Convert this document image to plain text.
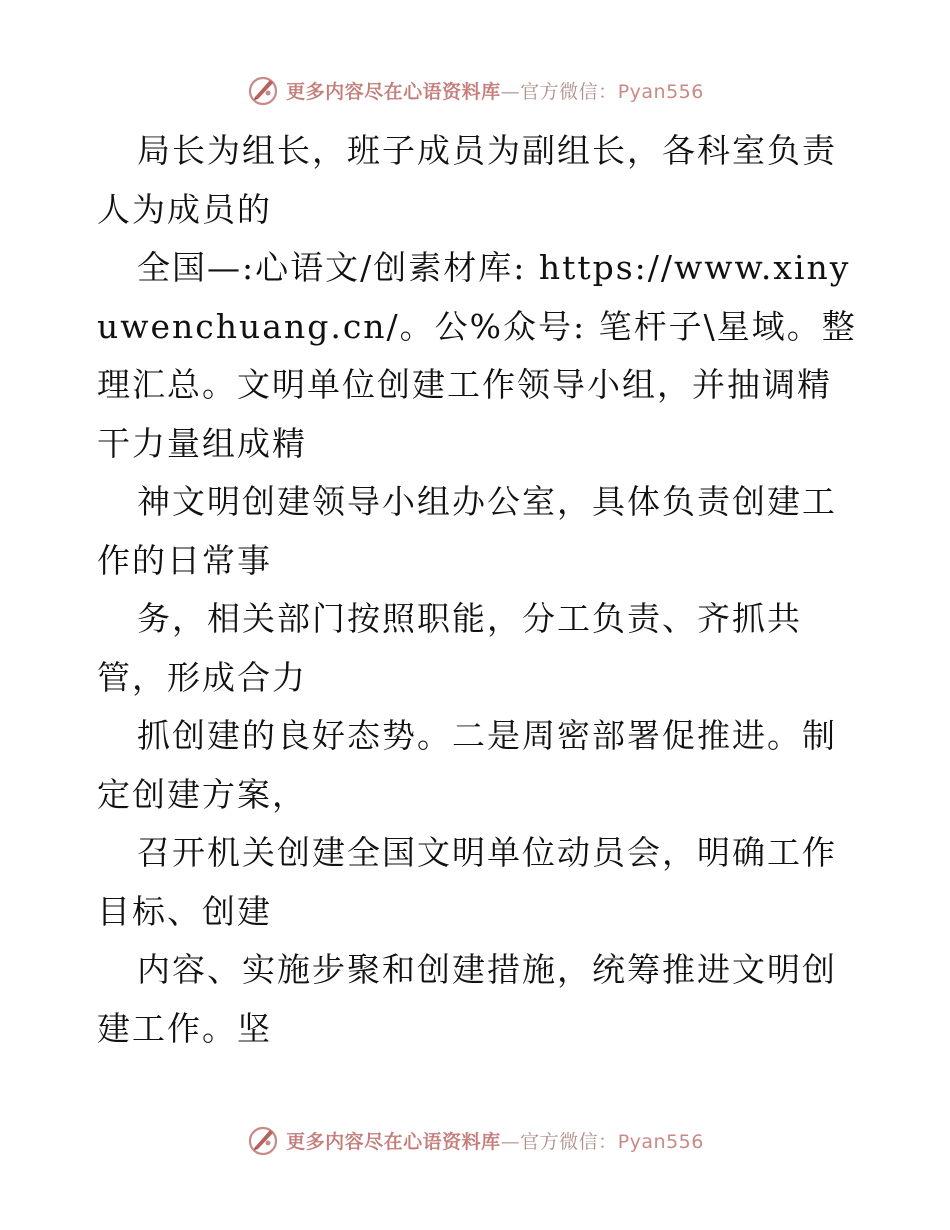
更多内容尽在心语资料库—官方微信：Pyan556

局长为组长，班子成员为副组长，各科室负责人为成员的

全国—:心语文/创素材库: https://www.xinyuwenchuang.cn/。公%众号: 笔杆子\星域。整理汇总。文明单位创建工作领导小组，并抽调精干力量组成精

神文明创建领导小组办公室，具体负责创建工作的日常事

务，相关部门按照职能，分工负责、齐抓共管，形成合力

抓创建的良好态势。二是周密部署促推进。制定创建方案，

召开机关创建全国文明单位动员会，明确工作目标、创建

内容、实施步聚和创建措施，统筹推进文明创建工作。坚

更多内容尽在心语资料库—官方微信：Pyan556
